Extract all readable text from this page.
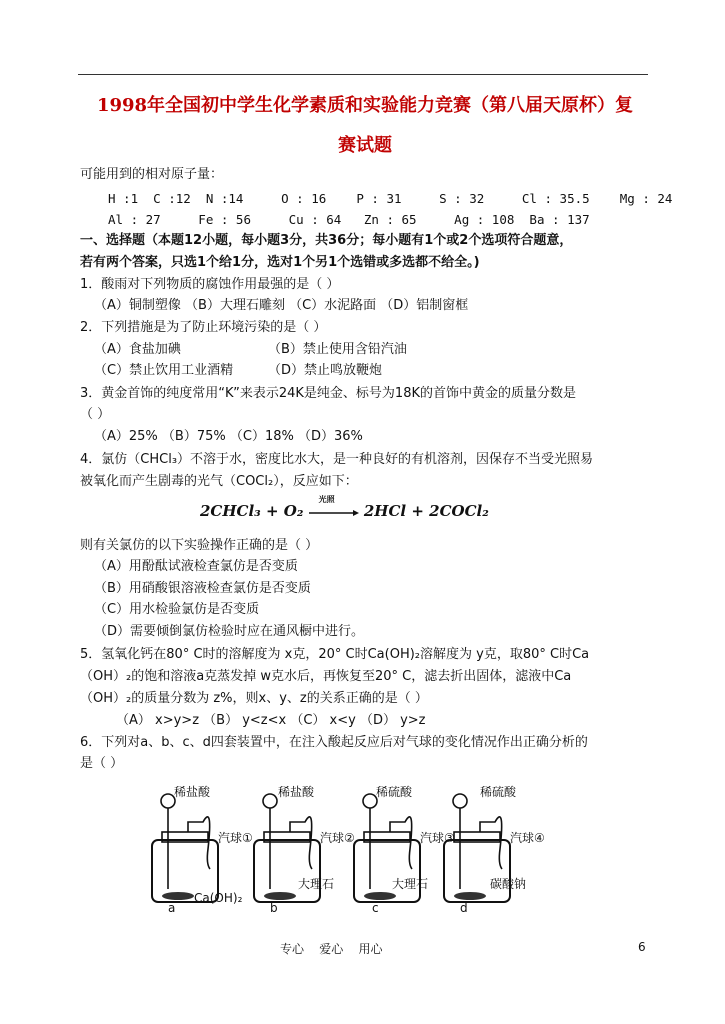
1998年全国初中学生化学素质和实验能力竞赛（第八届天原杯）复
赛试题
可能用到的相对原子量：
H :1  C :12  N :14     O : 16    P : 31     S : 32     Cl : 35.5    Mg : 24
Al : 27     Fe : 56     Cu : 64   Zn : 65     Ag : 108  Ba : 137
一、选择题（本题12小题，每小题3分，共36分；每小题有1个或2个选项符合题意，
若有两个答案，只选1个给1分，选对1个另1个选错或多选都不给全。)
1．酸雨对下列物质的腐蚀作用最强的是（ ）
（A）铜制塑像 （B）大理石雕刻 （C）水泥路面 （D）铝制窗框
2．下列措施是为了防止环境污染的是（ ）
（A）食盐加碘	（B）禁止使用含铅汽油
（C）禁止饮用工业酒精	（D）禁止鸣放鞭炮
3．黄金首饰的纯度常用“K”来表示24K是纯金、标号为18K的首饰中黄金的质量分数是
（ ）
（A）25% （B）75% （C）18% （D）36%
4．氯仿（CHCl₃）不溶于水，密度比水大，是一种良好的有机溶剂，因保存不当受光照易
被氧化而产生剧毒的光气（COCl₂），反应如下：
2CHCl₃ + O₂
光照
2HCl + 2COCl₂
则有关氯仿的以下实验操作正确的是（ ）
（A）用酚酞试液检查氯仿是否变质
（B）用硝酸银溶液检查氯仿是否变质
（C）用水检验氯仿是否变质
（D）需要倾倒氯仿检验时应在通风橱中进行。
5．氢氧化钙在80° C时的溶解度为 x克，20° C时Ca(OH)₂溶解度为 y克，取80° C时Ca
（OH）₂的饱和溶液a克蒸发掉 w克水后，再恢复至20° C，滤去折出固体，滤液中Ca
（OH）₂的质量分数为 z%，则x、y、z的关系正确的是（ ）
（A） x>y>z （B） y<z<x （C） x<y （D） y>z
6．下列对a、b、c、d四套装置中，在注入酸起反应后对气球的变化情况作出正确分析的
是（ ）
稀盐酸
汽球①
Ca(OH)₂
a
稀盐酸
汽球②
大理石
b
稀硫酸
汽球③
大理石
c
稀硫酸
汽球④
碳酸钠
d
专心    爱心    用心	6
